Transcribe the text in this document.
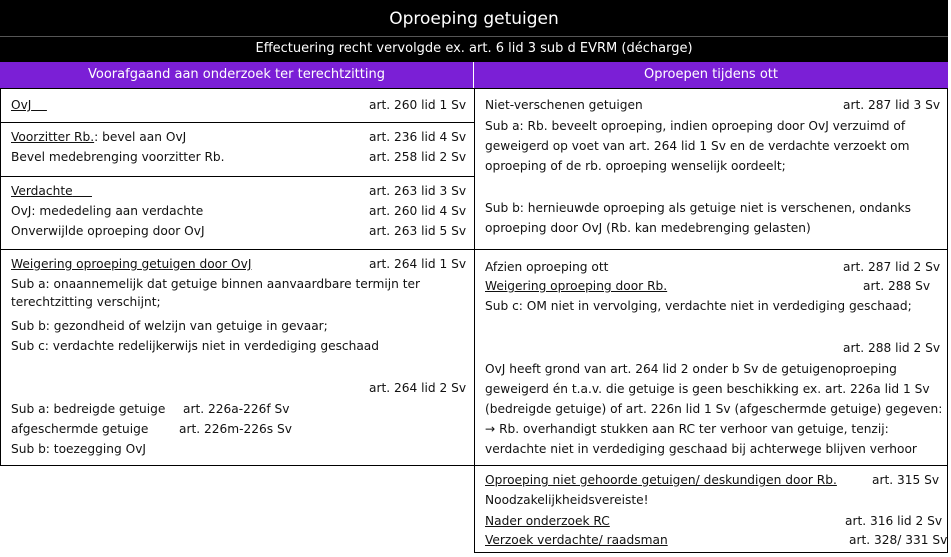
Oproeping getuigen
Effectuering recht vervolgde ex. art. 6 lid 3 sub d EVRM (décharge)
Voorafgaand aan onderzoek ter terechtzitting	Oproepen tijdens ott
OvJ	art. 260 lid 1 Sv
Voorzitter Rb.: bevel aan OvJ	art. 236 lid 4 Sv
Bevel medebrenging voorzitter Rb.	art. 258 lid 2 Sv
Verdachte	art. 263 lid 3 Sv
OvJ: mededeling aan verdachte	art. 260 lid 4 Sv
Onverwijlde oproeping door OvJ	art. 263 lid 5 Sv
Weigering oproeping getuigen door OvJ	art. 264 lid 1 Sv
Sub a: onaannemelijk dat getuige binnen aanvaardbare termijn ter
terechtzitting verschijnt;
Sub b: gezondheid of welzijn van getuige in gevaar;
Sub c: verdachte redelijkerwijs niet in verdediging geschaad
art. 264 lid 2 Sv
Sub a: bedreigde getuige art. 226a-226f Sv
afgeschermde getuige	art. 226m-226s Sv
Sub b: toezegging OvJ
Niet-verschenen getuigen	art. 287 lid 3 Sv
Sub a: Rb. beveelt oproeping, indien oproeping door OvJ verzuimd of
geweigerd op voet van art. 264 lid 1 Sv en de verdachte verzoekt om
oproeping of de rb. oproeping wenselijk oordeelt;
Sub b: hernieuwde oproeping als getuige niet is verschenen, ondanks
oproeping door OvJ (Rb. kan medebrenging gelasten)
Afzien oproeping ott	art. 287 lid 2 Sv
Weigering oproeping door Rb.	art. 288 Sv
Sub c: OM niet in vervolging, verdachte niet in verdediging geschaad;
art. 288 lid 2 Sv
OvJ heeft grond van art. 264 lid 2 onder b Sv de getuigenoproeping
geweigerd én t.a.v. die getuige is geen beschikking ex. art. 226a lid 1 Sv
(bedreigde getuige) of art. 226n lid 1 Sv (afgeschermde getuige) gegeven:
→ Rb. overhandigt stukken aan RC ter verhoor van getuige, tenzij:
verdachte niet in verdediging geschaad bij achterwege blijven verhoor
Oproeping niet gehoorde getuigen/ deskundigen door Rb.	art. 315 Sv
Noodzakelijkheidsvereiste!
Nader onderzoek RC	art. 316 lid 2 Sv
Verzoek verdachte/ raadsman	art. 328/ 331 Sv
